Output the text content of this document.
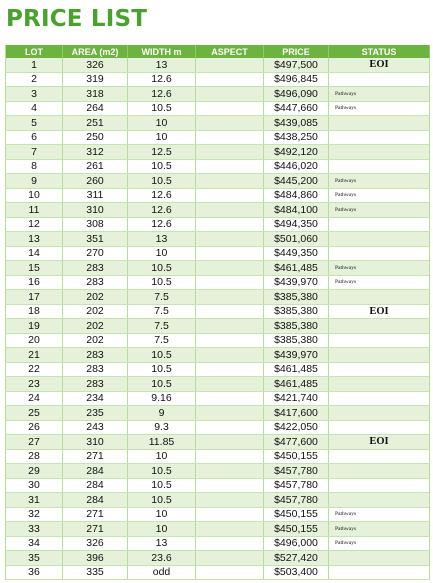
PRICE LIST
LOT	AREA (m2)	WIDTH m	ASPECT	PRICE	STATUS
1	326	13		$497,500	EOI
2	319	12.6		$496,845	
3	318	12.6		$496,090	Pathways
4	264	10.5		$447,660	Pathways
5	251	10		$439,085	
6	250	10		$438,250	
7	312	12.5		$492,120	
8	261	10.5		$446,020	
9	260	10.5		$445,200	Pathways
10	311	12.6		$484,860	Pathways
11	310	12.6		$484,100	Pathways
12	308	12.6		$494,350	
13	351	13		$501,060	
14	270	10		$449,350	
15	283	10.5		$461,485	Pathways
16	283	10.5		$439,970	Pathways
17	202	7.5		$385,380	
18	202	7.5		$385,380	EOI
19	202	7.5		$385,380	
20	202	7.5		$385,380	
21	283	10.5		$439,970	
22	283	10.5		$461,485	
23	283	10.5		$461,485	
24	234	9.16		$421,740	
25	235	9		$417,600	
26	243	9.3		$422,050	
27	310	11.85		$477,600	EOI
28	271	10		$450,155	
29	284	10.5		$457,780	
30	284	10.5		$457,780	
31	284	10.5		$457,780	
32	271	10		$450,155	Pathways
33	271	10		$450,155	Pathways
34	326	13		$496,000	Pathways
35	396	23.6		$527,420	
36	335	odd		$503,400	
